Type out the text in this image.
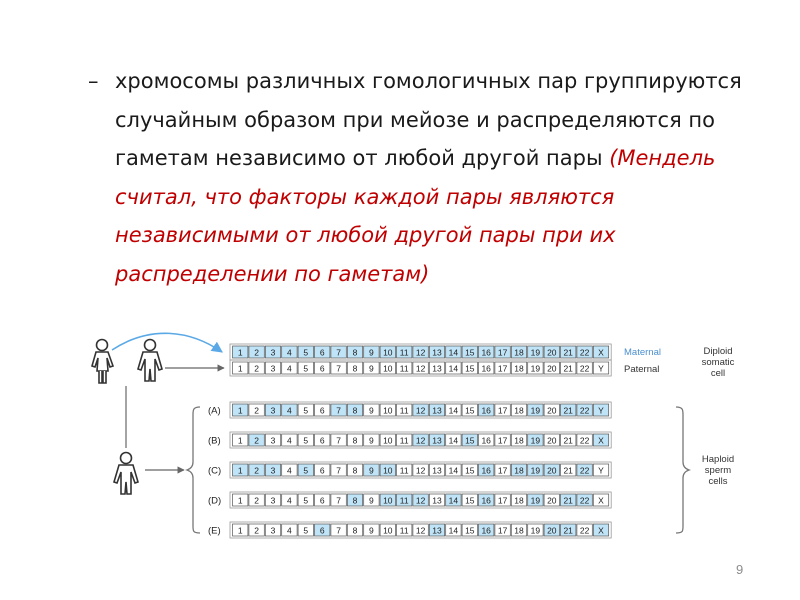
– хромосомы различных гомологичных пар группируются случайным образом при мейозе и распределяются по гаметам независимо от любой другой пары (Мендель считал, что факторы каждой пары являются независимыми от любой другой пары при их распределении по гаметам)
Maternal
Paternal
Diploid
somatic
cell
Haploid
sperm
cells
1 2 3 4 5 6 7 8 9 10 11 12 13 14 15 16 17 18 19 20 21 22 X
1 2 3 4 5 6 7 8 9 10 11 12 13 14 15 16 17 18 19 20 21 22 Y
1 2 3 4 5 6 7 8 9 10 11 12 13 14 15 16 17 18 19 20 21 22 Y
(A)
1 2 3 4 5 6 7 8 9 10 11 12 13 14 15 16 17 18 19 20 21 22 X
(B)
1 2 3 4 5 6 7 8 9 10 11 12 13 14 15 16 17 18 19 20 21 22 Y
(C)
1 2 3 4 5 6 7 8 9 10 11 12 13 14 15 16 17 18 19 20 21 22 X
(D)
1 2 3 4 5 6 7 8 9 10 11 12 13 14 15 16 17 18 19 20 21 22 X
(E)
9
